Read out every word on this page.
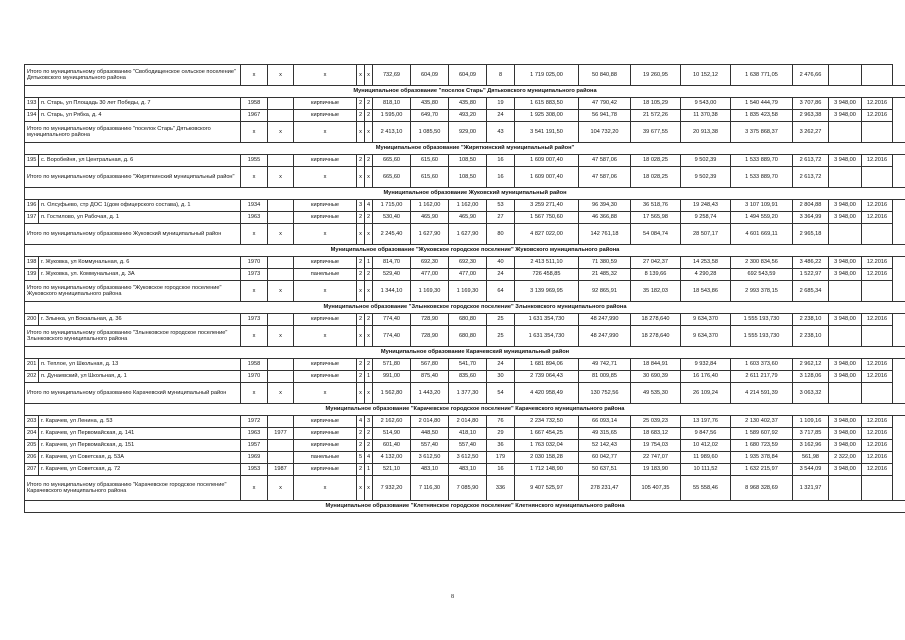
Итого по муниципальному образованию "Свободищенское сельское поселение" Дятьковского муниципального района		x	x	x	x	x	732,69	604,09	604,09	8	1 719 025,00	50 840,88	19 260,95	10 152,12	1 638 771,05	2 476,66		
Муниципальное образование "поселок Старь" Дятьковского муниципального района																		
193	п. Старь, ул Площадь 30 лет Победы, д. 7	1958		кирпичные	2	2	818,10	435,80	435,80	19	1 615 883,50	47 790,42	18 105,29	9 543,00	1 540 444,79	3 707,86	3 948,00	12.2016
194	п. Старь, ул Рябка, д. 4	1967		кирпичные	2	2	1 595,00	649,70	493,20	24	1 925 308,00	56 941,78	21 572,26	11 370,38	1 835 423,58	2 963,38	3 948,00	12.2016
Итого по муниципальному образованию "поселок Старь" Дятьковского муниципального района		x	x	x	x	x	2 413,10	1 085,50	929,00	43	3 541 191,50	104 732,20	39 677,55	20 913,38	3 375 868,37	3 262,27		
Муниципальное образование "Жиряткинский муниципальный район"																		
195	с. Воробейня, ул Центральная, д. 6	1955		кирпичные	2	2	665,60	615,60	108,50	16	1 609 007,40	47 587,06	18 028,25	9 502,39	1 533 889,70	2 613,72	3 948,00	12.2016
Итого по муниципальному образованию "Жиряткинский муниципальный район"		x	x	x	x	x	665,60	615,60	108,50	16	1 609 007,40	47 587,06	18 028,25	9 502,39	1 533 889,70	2 613,72		
Муниципальное образование Жуковский муниципальный район																		
196	п. Олсуфьево, стр ДОС 1(дом офицерского состава), д. 1	1934		кирпичные	3	4	1 715,00	1 162,00	1 162,00	53	3 259 271,40	96 394,30	36 518,76	19 248,43	3 107 109,91	2 804,88	3 948,00	12.2016
197	п. Гостилово, ул Рабочая, д. 1	1963		кирпичные	2	2	530,40	465,90	465,90	27	1 567 750,60	46 366,88	17 565,98	9 258,74	1 494 559,20	3 364,99	3 948,00	12.2016
Итого по муниципальному образованию Жуковский муниципальный район		x	x	x	x	x	2 245,40	1 627,90	1 627,90	80	4 827 022,00	142 761,18	54 084,74	28 507,17	4 601 669,11	2 965,18		
Муниципальное образование "Жуковское городское поселение" Жуковского муниципального района																		
198	г. Жуковка, ул Коммунальная, д. 6	1970		кирпичные	2	1	814,70	692,30	692,30	40	2 413 511,10	71 380,59	27 042,37	14 253,58	2 300 834,56	3 486,22	3 948,00	12.2016
199	г. Жуковка, ул. Коммунальная, д. 3А	1973		панельные	2	2	529,40	477,00	477,00	24	726 458,85	21 485,32	8 139,66	4 290,28	692 543,59	1 522,97	3 948,00	12.2016
Итого по муниципальному образованию "Жуковское городское поселение" Жуковского муниципального района		x	x	x	x	x	1 344,10	1 169,30	1 169,30	64	3 139 969,95	92 865,91	35 182,03	18 543,86	2 993 378,15	2 685,34		
Муниципальное образование "Злынковское городское поселение" Злынковского муниципального района																		
200	г. Злынка, ул Вокзальная, д. 36	1973		кирпичные	2	2	774,40	728,90	680,80	25	1 631 354,730	48 247,990	18 278,640	9 634,370	1 555 193,730	2 238,10	3 948,00	12.2016
Итого по муниципальному образованию "Злынковское городское поселение" Злынковского муниципального района		x	x	x	x	x	774,40	728,90	680,80	25	1 631 354,730	48 247,990	18 278,640	9 634,370	1 555 193,730	2 238,10		
Муниципальное образование Карачевский муниципальный район																		
201	п. Теплое, ул Школьная, д. 13	1958		кирпичные	2	2	571,80	567,80	541,70	24	1 681 894,06	49 742,71	18 844,91	9 932,84	1 603 373,60	2 962,12	3 948,00	12.2016
202	п. Дунаевский, ул Школьная, д. 1	1970		кирпичные	2	1	991,00	875,40	835,60	30	2 739 064,43	81 009,85	30 690,39	16 176,40	2 611 217,79	3 128,06	3 948,00	12.2016
Итого по муниципальному образованию Карачевский муниципальный район		x	x	x	x	x	1 562,80	1 443,20	1 377,30	54	4 420 958,49	130 752,56	49 535,30	26 109,24	4 214 591,39	3 063,32		
Муниципальное образование "Карачевское городское поселение" Карачевского муниципального района																		
203	г. Карачев, ул Ленина, д. 53	1972		кирпичные	4	3	2 162,60	2 014,80	2 014,80	76	2 234 732,50	66 093,14	25 039,23	13 197,76	2 130 402,37	1 109,16	3 948,00	12.2016
204	г. Карачев, ул Первомайская, д. 141	1963	1977	кирпичные	2	2	514,90	448,50	418,10	29	1 667 454,25	49 315,65	18 683,12	9 847,56	1 589 607,92	3 717,85	3 948,00	12.2016
205	г. Карачев, ул Первомайская, д. 151	1957		кирпичные	2	2	601,40	557,40	557,40	36	1 763 032,04	52 142,43	19 754,03	10 412,02	1 680 723,59	3 162,96	3 948,00	12.2016
206	г. Карачев, ул Советская, д. 53А	1969		панельные	5	4	4 132,00	3 612,50	3 612,50	179	2 030 158,28	60 042,77	22 747,07	11 989,60	1 935 378,84	561,98	2 322,00	12.2016
207	г. Карачев, ул Советская, д. 72	1953	1987	кирпичные	2	1	521,10	483,10	483,10	16	1 712 148,90	50 637,51	19 183,90	10 111,52	1 632 215,97	3 544,09	3 948,00	12.2016
Итого по муниципальному образованию "Карачевское городское поселение" Карачевского муниципального района		x	x	x	x	x	7 932,20	7 116,30	7 085,90	336	9 407 525,97	278 231,47	105 407,35	55 558,46	8 968 328,69	1 321,97		
Муниципальное образование "Клетнянское городское поселение" Клетнянского муниципального района																		
8
